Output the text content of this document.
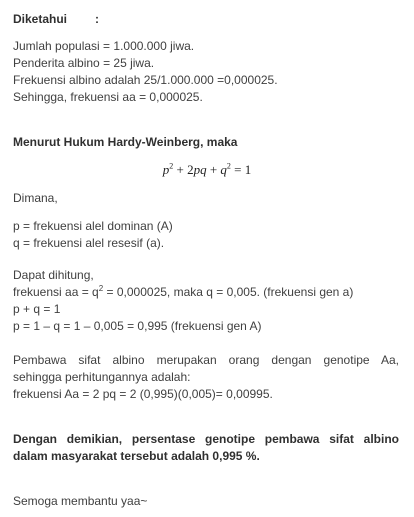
Diketahui :
Jumlah populasi = 1.000.000 jiwa.
Penderita albino = 25 jiwa.
Frekuensi albino adalah 25/1.000.000 =0,000025.
Sehingga, frekuensi aa = 0,000025.
Menurut Hukum Hardy-Weinberg, maka
$p^2 + 2pq + q^2 = 1$
Dimana,
p = frekuensi alel dominan (A)
q = frekuensi alel resesif (a).
Dapat dihitung,
frekuensi aa = $q^2 = 0,000025$, maka q = 0,005. (frekuensi gen a)
p + q = 1
p = 1 – q = 1 – 0,005 = 0,995 (frekuensi gen A)
Pembawa sifat albino merupakan orang dengan genotipe Aa,
sehingga perhitungannya adalah:
frekuensi Aa = 2 pq = 2 (0,995)(0,005)= 0,00995.
Dengan demikian, persentase genotipe pembawa sifat albino
dalam masyarakat tersebut adalah 0,995 %.
Semoga membantu yaa~
